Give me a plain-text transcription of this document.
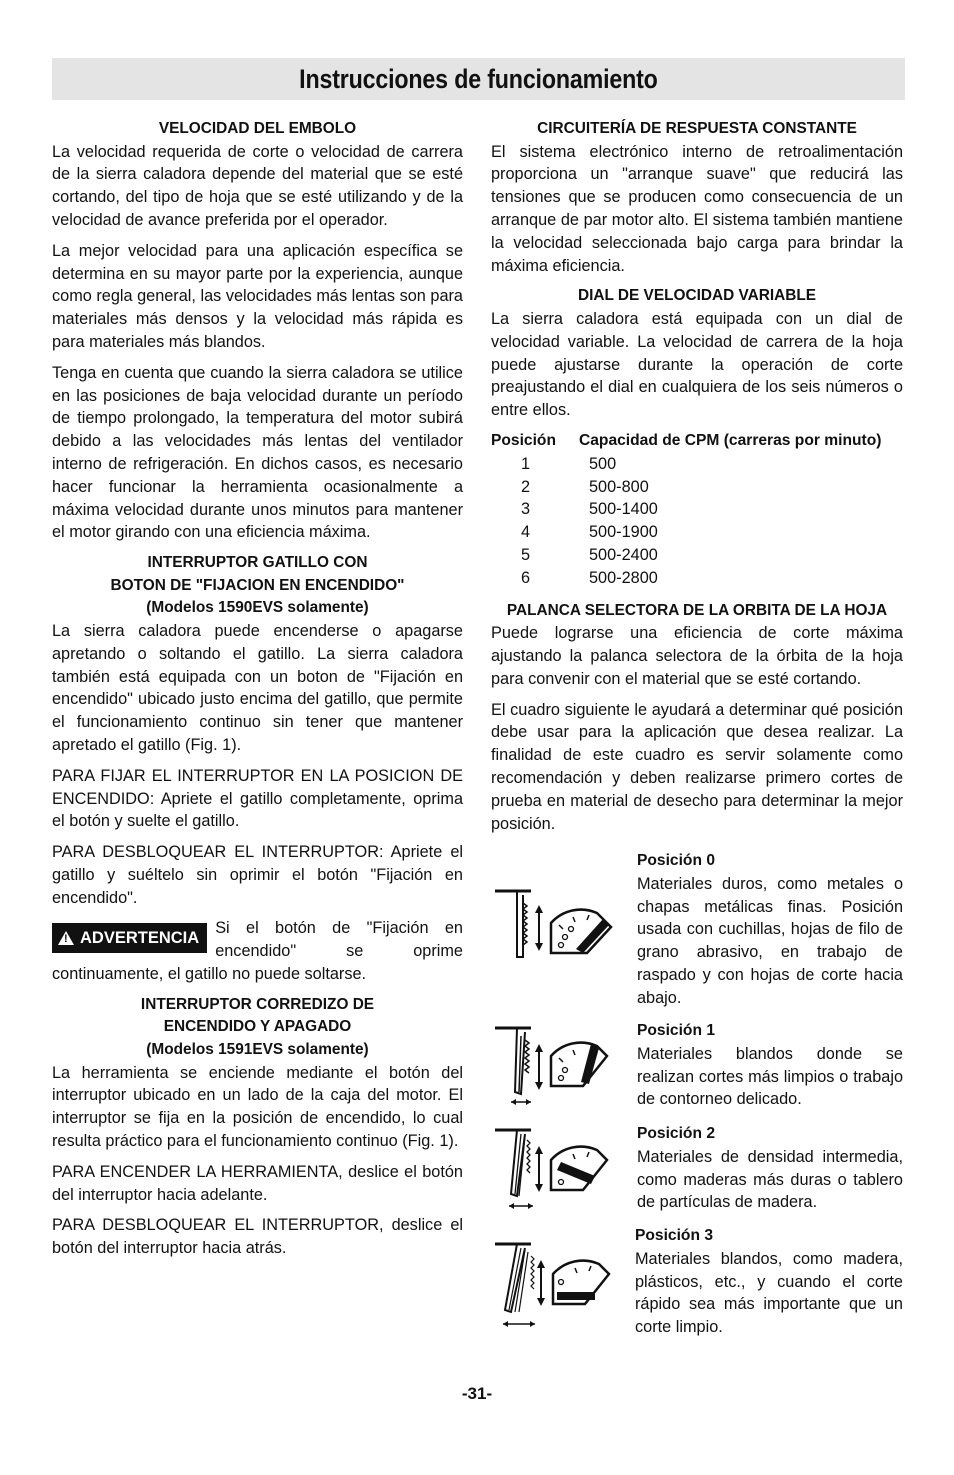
Instrucciones de funcionamiento

VELOCIDAD DEL EMBOLO

La velocidad requerida de corte o velocidad de carrera de la sierra caladora depende del material que se esté cortando, del tipo de hoja que se esté utilizando y de la velocidad de avance preferida por el operador.

La mejor velocidad para una aplicación específica se determina en su mayor parte por la experiencia, aunque como regla general, las velocidades más lentas son para materiales más densos y la velocidad más rápida es para materiales más blandos.

Tenga en cuenta que cuando la sierra caladora se utilice en las posiciones de baja velocidad durante un período de tiempo prolongado, la temperatura del motor subirá debido a las velocidades más lentas del ventilador interno de refrigeración. En dichos casos, es necesario hacer funcionar la herramienta ocasionalmente a máxima velocidad durante unos minutos para mantener el motor girando con una eficiencia máxima.

INTERRUPTOR GATILLO CON

BOTON DE "FIJACION EN ENCENDIDO"

(Modelos 1590EVS solamente)

La sierra caladora puede encenderse o apagarse apretando o soltando el gatillo. La sierra caladora también está equipada con un boton de "Fijación en encendido" ubicado justo encima del gatillo, que permite el funcionamiento continuo sin tener que mantener apretado el gatillo (Fig. 1).

PARA FIJAR EL INTERRUPTOR EN LA POSICION DE ENCENDIDO: Apriete el gatillo completamente, oprima el botón y suelte el gatillo.

PARA DESBLOQUEAR EL INTERRUPTOR: Apriete el gatillo y suéltelo sin oprimir el botón "Fijación en encendido".

! ADVERTENCIA

Si el botón de "Fijación en encendido" se oprime continuamente, el gatillo no puede soltarse.

INTERRUPTOR CORREDIZO DE

ENCENDIDO Y APAGADO

(Modelos 1591EVS solamente)

La herramienta se enciende mediante el botón del interruptor ubicado en un lado de la caja del motor. El interruptor se fija en la posición de encendido, lo cual resulta práctico para el funcionamiento continuo (Fig. 1).

PARA ENCENDER LA HERRAMIENTA, deslice el botón del interruptor hacia adelante.

PARA DESBLOQUEAR EL INTERRUPTOR, deslice el botón del interruptor hacia atrás.

CIRCUITERÍA DE RESPUESTA CONSTANTE

El sistema electrónico interno de retroalimentación proporciona un "arranque suave" que reducirá las tensiones que se producen como consecuencia de un arranque de par motor alto. El sistema también mantiene la velocidad seleccionada bajo carga para brindar la máxima eficiencia.

DIAL DE VELOCIDAD VARIABLE

La sierra caladora está equipada con un dial de velocidad variable. La velocidad de carrera de la hoja puede ajustarse durante la operación de corte preajustando el dial en cualquiera de los seis números o entre ellos.

Posición	Capacidad de CPM (carreras por minuto)
1	500
2	500-800
3	500-1400
4	500-1900
5	500-2400
6	500-2800

PALANCA SELECTORA DE LA ORBITA DE LA HOJA

Puede lograrse una eficiencia de corte máxima ajustando la palanca selectora de la órbita de la hoja para convenir con el material que se esté cortando.

El cuadro siguiente le ayudará a determinar qué posición debe usar para la aplicación que desea realizar. La finalidad de este cuadro es servir solamente como recomendación y deben realizarse primero cortes de prueba en material de desecho para determinar la mejor posición.

Posición 0
Materiales duros, como metales o chapas metálicas finas. Posición usada con cuchillas, hojas de filo de grano abrasivo, en trabajo de raspado y con hojas de corte hacia abajo.
Posición 1
Materiales blandos donde se realizan cortes más limpios o trabajo de contorneo delicado.
Posición 2
Materiales de densidad intermedia, como maderas más duras o tablero de partículas de madera.
Posición 3
Materiales blandos, como madera, plásticos, etc., y cuando el corte rápido sea más importante que un corte limpio.
-31-
